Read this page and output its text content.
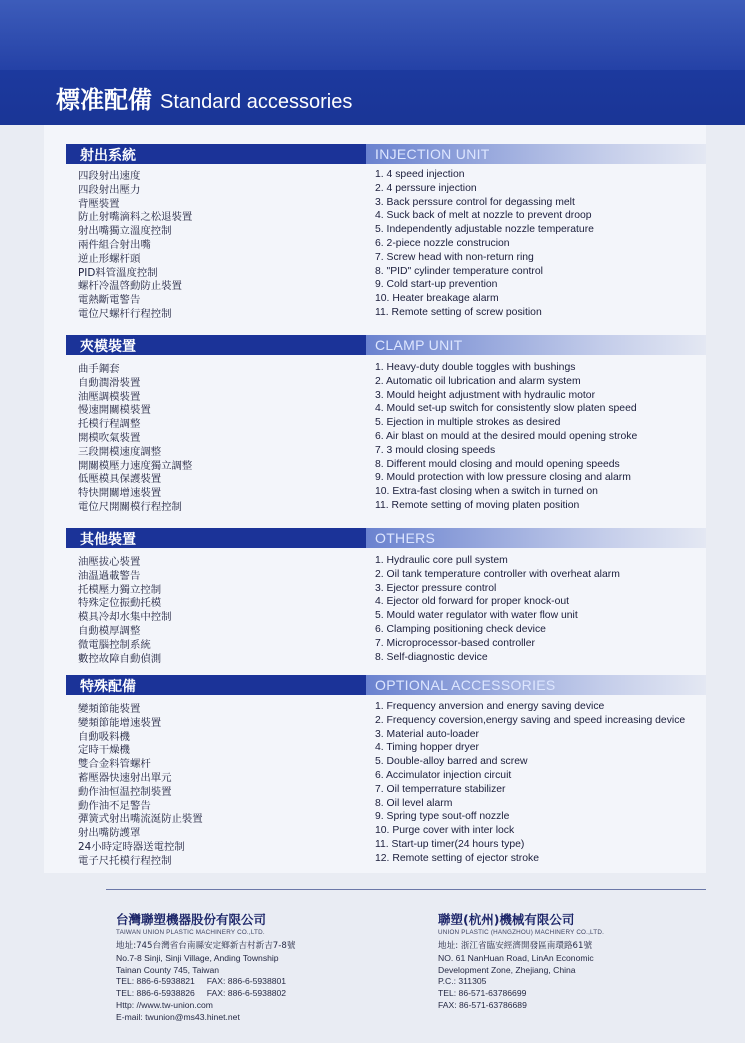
標准配備 Standard accessories
射出系統	INJECTION UNIT
四段射出速度
四段射出壓力
背壓裝置
防止射嘴滴料之松退裝置
射出嘴獨立溫度控制
兩件組合射出嘴
逆止形螺杆頭
PID料管溫度控制
螺杆冷温啓動防止裝置
電熱斷電警告
電位尺螺杆行程控制
1. 4 speed injection
2. 4 perssure injection
3. Back perssure control for degassing melt
4. Suck back of melt at nozzle to prevent droop
5. Independently adjustable nozzle temperature
6. 2-piece nozzle construcion
7. Screw head with non-return ring
8. "PID" cylinder temperature control
9. Cold start-up prevention
10. Heater breakage alarm
11. Remote setting of screw position
夾模裝置	CLAMP UNIT
曲手鋼套
自動潤滑裝置
油壓調模裝置
慢速開關模裝置
托模行程調整
開模吹氣裝置
三段開模速度調整
開關模壓力速度獨立調整
低壓模具保護裝置
特快開關增速裝置
電位尺開關模行程控制
1. Heavy-duty double toggles with bushings
2. Automatic oil lubrication and alarm system
3. Mould height adjustment with hydraulic motor
4. Mould set-up switch for consistently slow platen speed
5. Ejection in multiple strokes as desired
6. Air blast on mould at the desired mould opening stroke
7. 3 mould closing speeds
8. Different mould closing and mould opening speeds
9. Mould protection with low pressure closing and alarm
10. Extra-fast closing when a switch in turned on
11. Remote setting of moving platen position
其他裝置	OTHERS
油壓拔心裝置
油温過載警告
托模壓力獨立控制
特殊定位振動托模
模具冷却水集中控制
自動模厚調整
微電腦控制系統
數控故障自動偵測
1. Hydraulic core pull system
2. Oil tank temperature controller with overheat alarm
3. Ejector pressure control
4. Ejector old forward for proper knock-out
5. Mould water regulator with water flow unit
6. Clamping positioning check device
7. Microprocessor-based controller
8. Self-diagnostic device
特殊配備	OPTIONAL ACCESSORIES
變頻節能裝置
變頻節能增速裝置
自動吸料機
定時干燥機
雙合金料管螺杆
蓄壓器快速射出單元
動作油恒温控制裝置
動作油不足警告
彈簧式射出嘴流涎防止裝置
射出嘴防護罩
24小時定時器送電控制
電子尺托模行程控制
1. Frequency anversion and energy saving device
2. Frequency coversion,energy saving and speed increasing device
3. Material auto-loader
4. Timing hopper dryer
5. Double-alloy barred and screw
6. Accimulator injection circuit
7. Oil temperrature stabilizer
8. Oil level alarm
9. Spring type sout-off nozzle
10. Purge cover with inter lock
11. Start-up timer(24 hours type)
12. Remote setting of ejector stroke
台灣聯塑機器股份有限公司
TAIWAN UNION PLASTIC MACHINERY CO.,LTD.
地址:745台灣省台南縣安定鄉新吉村新吉7-8號
No.7-8 Sinji, Sinji Village, Anding Township
Tainan County 745, Taiwan
TEL: 886-6-5938821     FAX: 886-6-5938801
TEL: 886-6-5938826     FAX: 886-6-5938802
Http: //www.tw-union.com
E-mail: twunion@ms43.hinet.net
聯塑(杭州)機械有限公司
UNION PLASTIC (HANGZHOU) MACHINERY CO.,LTD.
地址: 浙江省臨安經濟開發區南環路61號
NO. 61 NanHuan Road, LinAn Economic
Development Zone, Zhejiang, China
P.C.: 311305
TEL: 86-571-63786699
FAX: 86-571-63786689
